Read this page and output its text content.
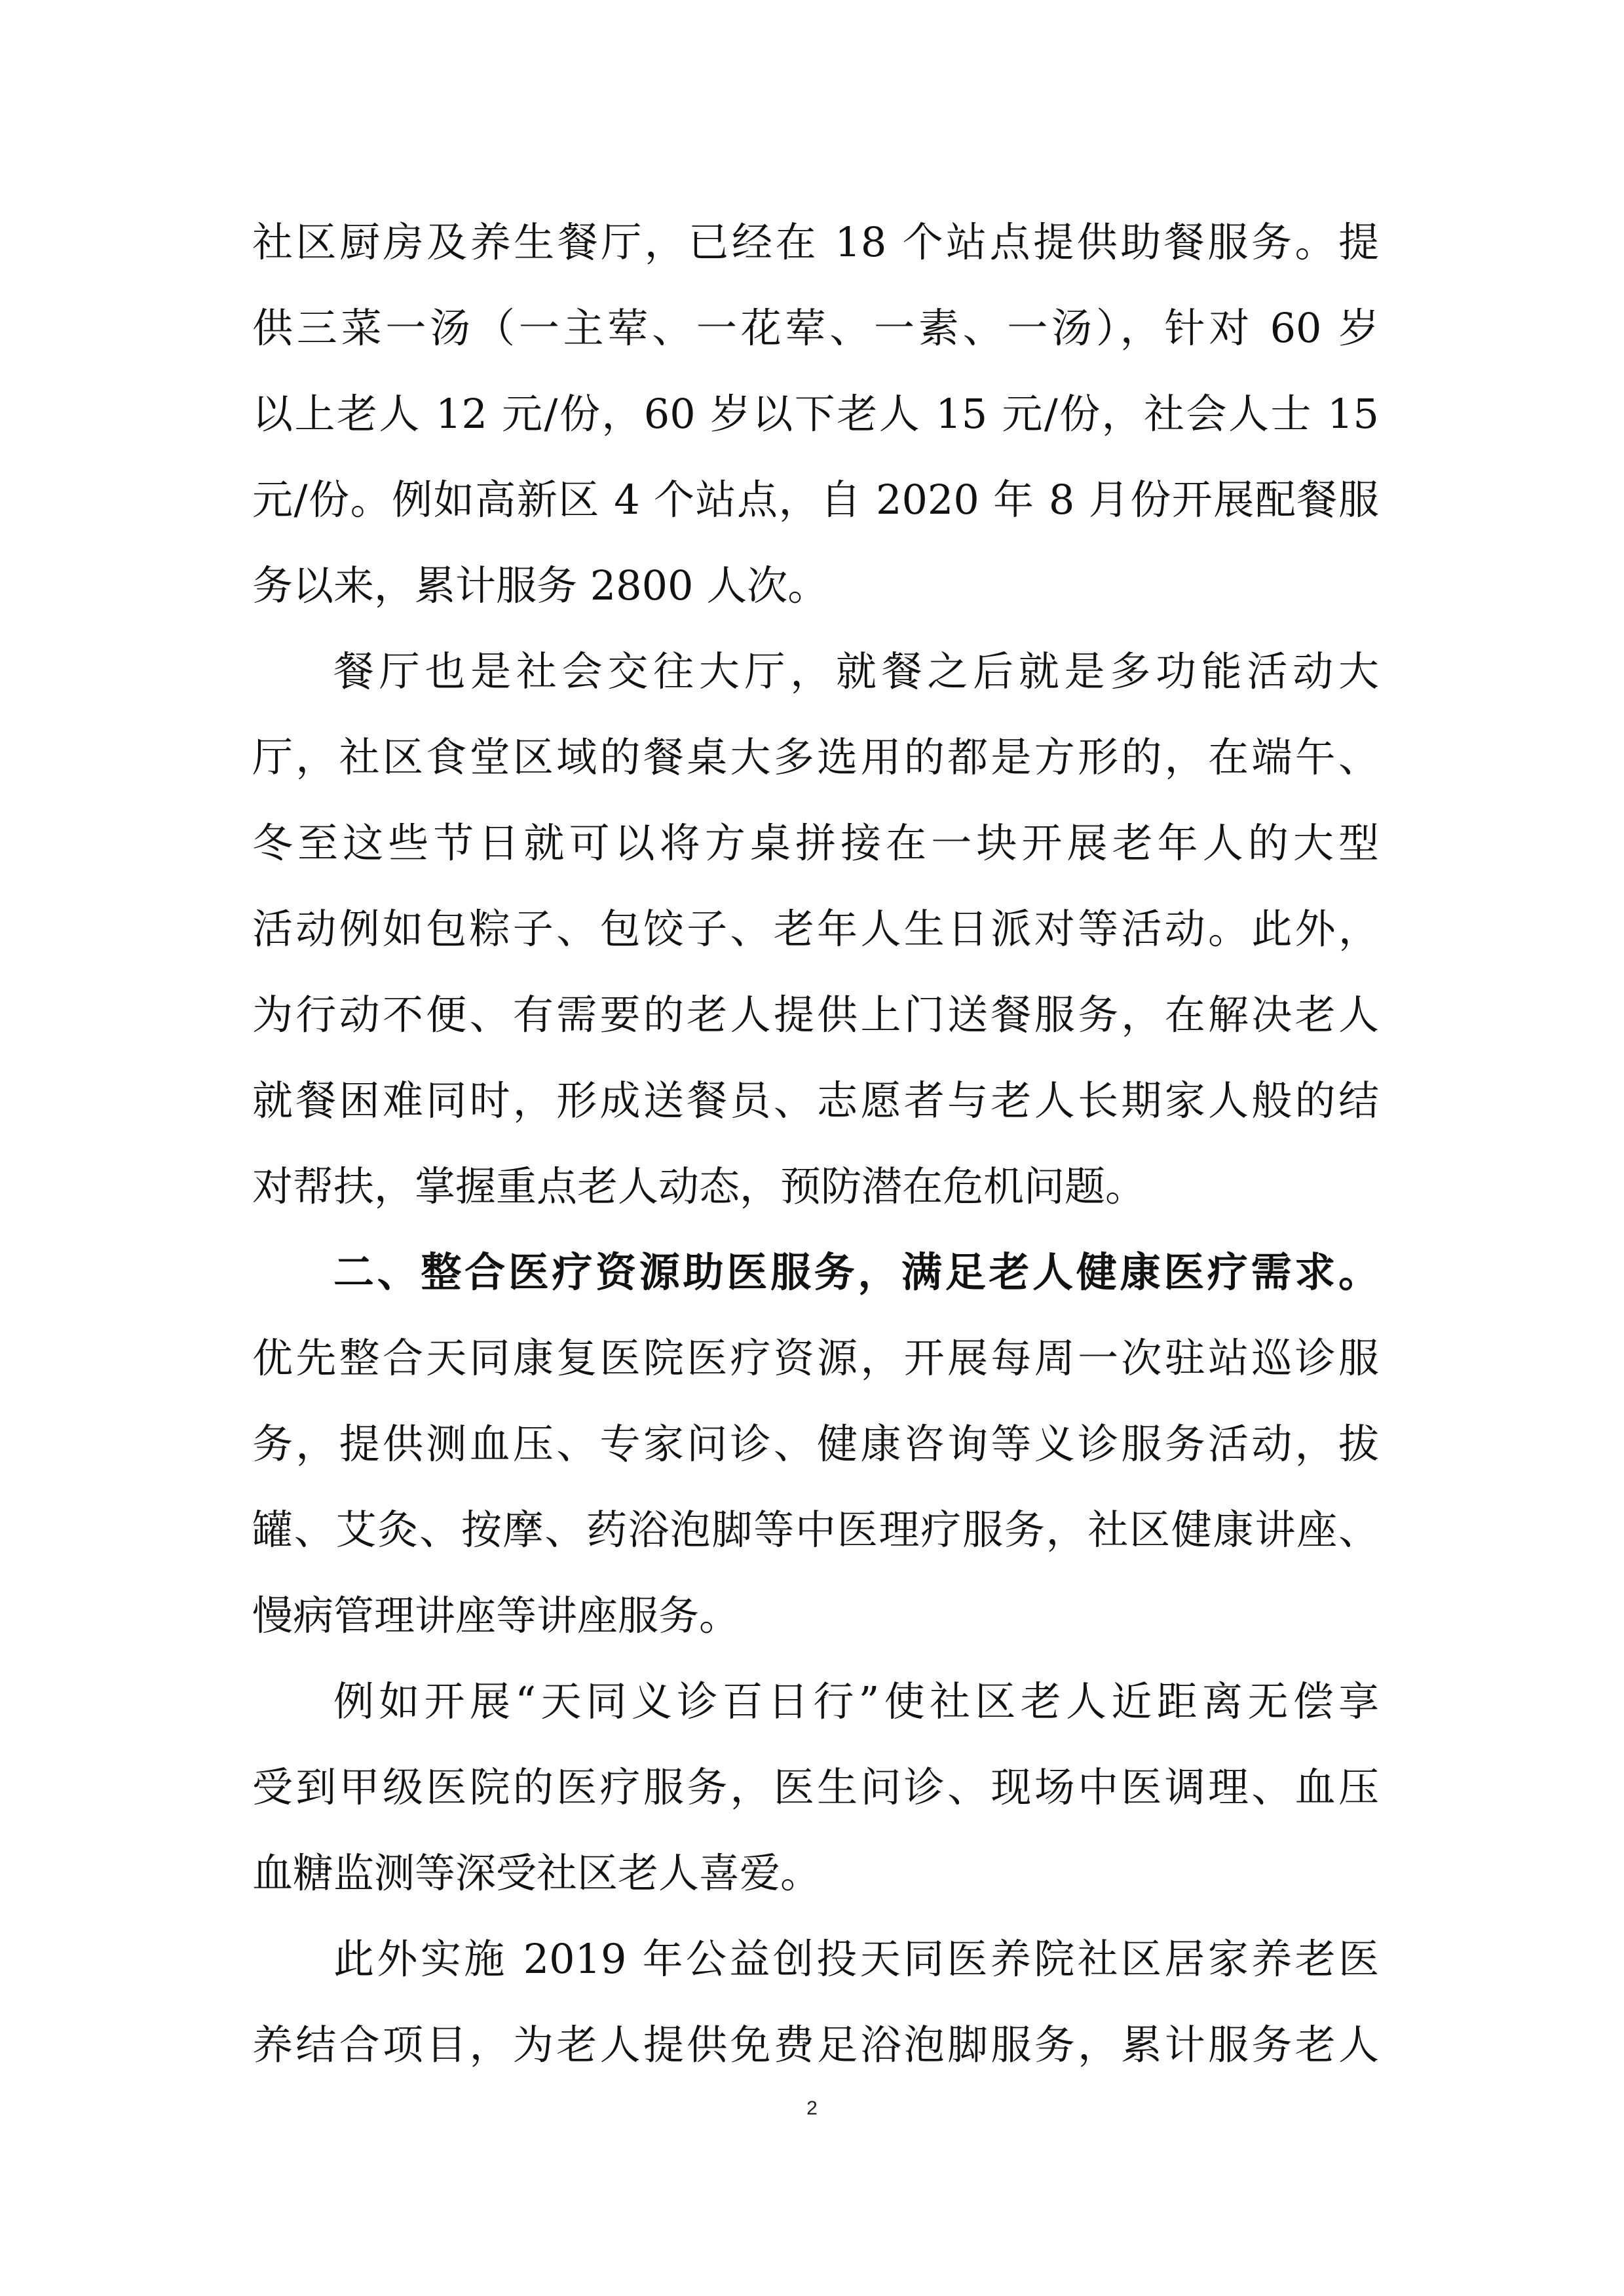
社区厨房及养生餐厅，已经在 18 个站点提供助餐服务。提
供三菜一汤（一主荤、一花荤、一素、一汤），针对 60 岁
以上老人 12 元/份，60 岁以下老人 15 元/份，社会人士 15
元/份。例如高新区 4 个站点，自 2020 年 8 月份开展配餐服
务以来，累计服务 2800 人次。
餐厅也是社会交往大厅，就餐之后就是多功能活动大
厅，社区食堂区域的餐桌大多选用的都是方形的，在端午、
冬至这些节日就可以将方桌拼接在一块开展老年人的大型
活动例如包粽子、包饺子、老年人生日派对等活动。此外，
为行动不便、有需要的老人提供上门送餐服务，在解决老人
就餐困难同时，形成送餐员、志愿者与老人长期家人般的结
对帮扶，掌握重点老人动态，预防潜在危机问题。
二、整合医疗资源助医服务，满足老人健康医疗需求。
优先整合天同康复医院医疗资源，开展每周一次驻站巡诊服
务，提供测血压、专家问诊、健康咨询等义诊服务活动，拔
罐、艾灸、按摩、药浴泡脚等中医理疗服务，社区健康讲座、
慢病管理讲座等讲座服务。
例如开展“天同义诊百日行”使社区老人近距离无偿享
受到甲级医院的医疗服务，医生问诊、现场中医调理、血压
血糖监测等深受社区老人喜爱。
此外实施 2019 年公益创投天同医养院社区居家养老医
养结合项目，为老人提供免费足浴泡脚服务，累计服务老人
2
